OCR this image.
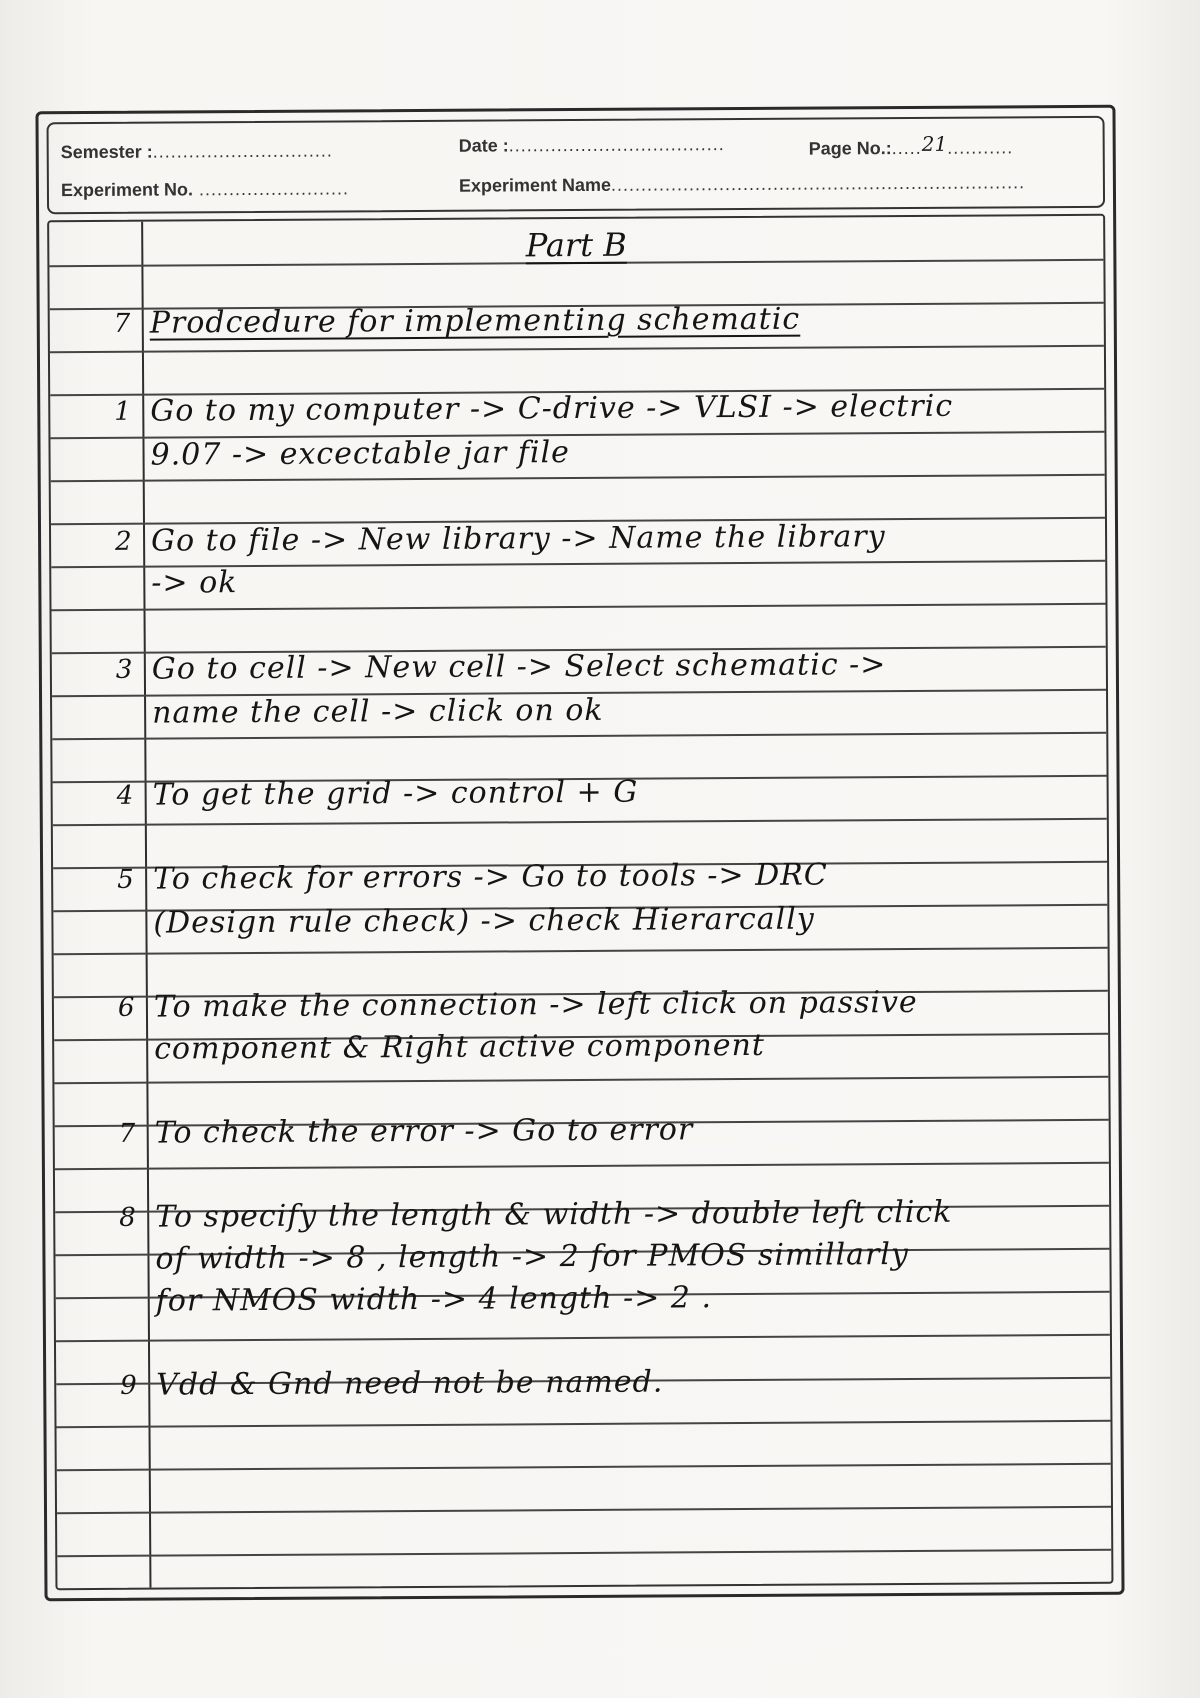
Semester :..............................	Date :....................................	Page No.:.....21...........
Experiment No. .........................	Experiment Name.....................................................................
Part B
7 Prodcedure for implementing schematic
1 Go to my computer -> C-drive -> VLSI -> electric
9.07 -> excectable jar file
2 Go to file -> New library -> Name the library
-> ok
3 Go to cell -> New cell -> Select schematic ->
name the cell -> click on ok
4 To get the grid -> control + G
5 To check for errors -> Go to tools -> DRC
(Design rule check) -> check Hierarcally
6 To make the connection -> left click on passive
component & Right active component
7 To check the error -> Go to error
8 To specify the length & width -> double left click
of width -> 8 , length -> 2 for PMOS simillarly
for NMOS width -> 4 length -> 2 .
9 Vdd & Gnd need not be named.
